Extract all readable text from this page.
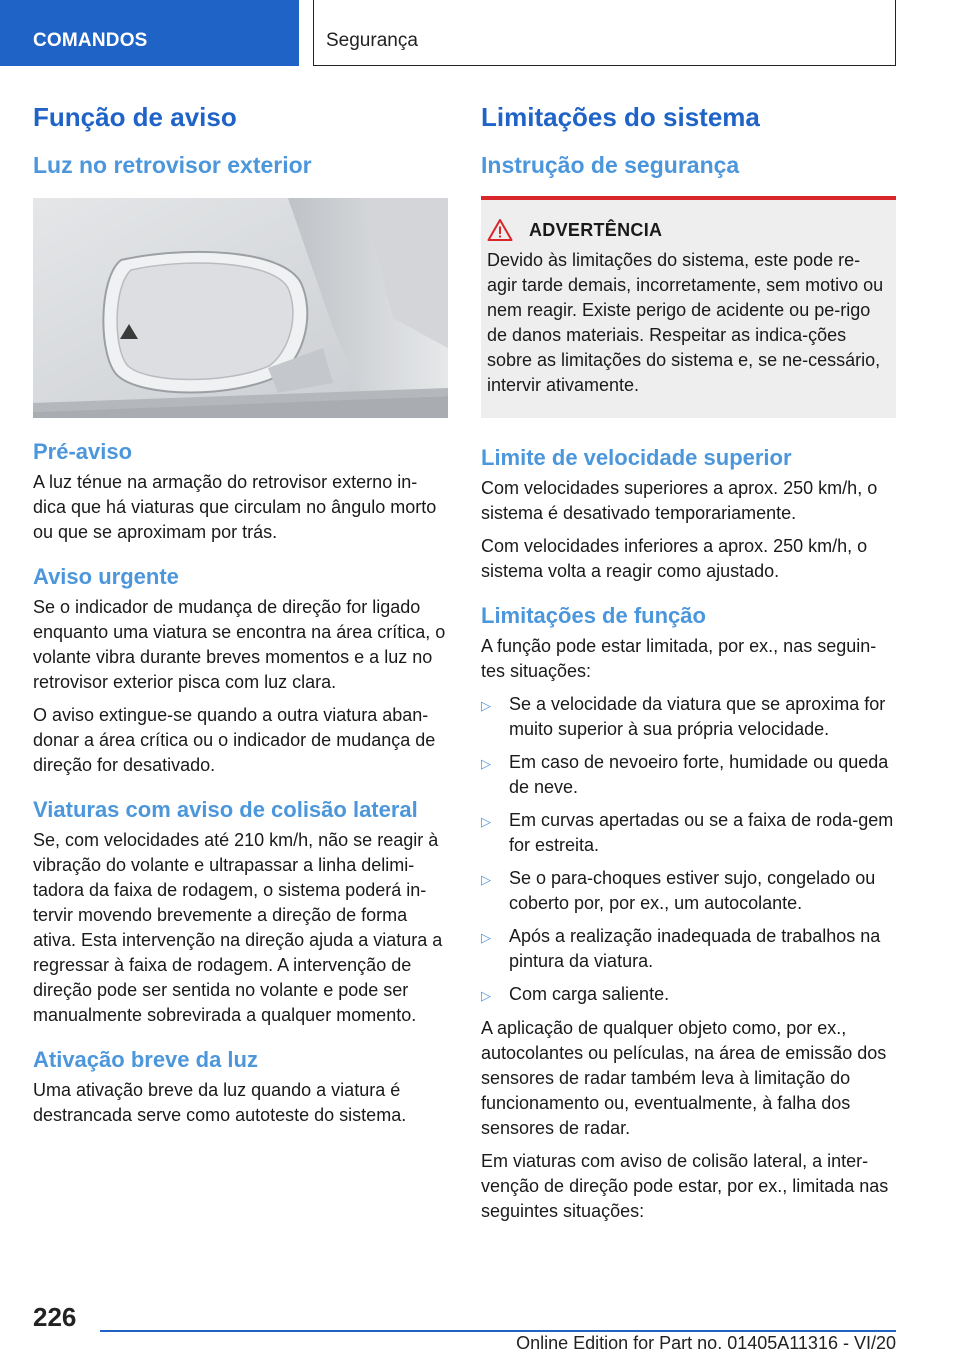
COMANDOS	Segurança
Função de aviso
Luz no retrovisor exterior
Pré-aviso

A luz ténue na armação do retrovisor externo in-dica que há viaturas que circulam no ângulo morto ou que se aproximam por trás.

Aviso urgente

Se o indicador de mudança de direção for ligado enquanto uma viatura se encontra na área crítica, o volante vibra durante breves momentos e a luz no retrovisor exterior pisca com luz clara.

O aviso extingue-se quando a outra viatura aban-donar a área crítica ou o indicador de mudança de direção for desativado.

Viaturas com aviso de colisão lateral

Se, com velocidades até 210 km/h, não se reagir à vibração do volante e ultrapassar a linha delimi-tadora da faixa de rodagem, o sistema poderá in-tervir movendo brevemente a direção de forma ativa. Esta intervenção na direção ajuda a viatura a regressar à faixa de rodagem. A intervenção de direção pode ser sentida no volante e pode ser manualmente sobrevirada a qualquer momento.

Ativação breve da luz

Uma ativação breve da luz quando a viatura é destrancada serve como autoteste do sistema.

Limitações do sistema
Instrução de segurança
ADVERTÊNCIA

Devido às limitações do sistema, este pode re-agir tarde demais, incorretamente, sem motivo ou nem reagir. Existe perigo de acidente ou pe-rigo de danos materiais. Respeitar as indica-ções sobre as limitações do sistema e, se ne-cessário, intervir ativamente.

Limite de velocidade superior

Com velocidades superiores a aprox. 250 km/h, o sistema é desativado temporariamente.

Com velocidades inferiores a aprox. 250 km/h, o sistema volta a reagir como ajustado.

Limitações de função

A função pode estar limitada, por ex., nas seguin-tes situações:

▷	Se a velocidade da viatura que se aproxima for muito superior à sua própria velocidade.
▷	Em caso de nevoeiro forte, humidade ou queda de neve.
▷	Em curvas apertadas ou se a faixa de roda-gem for estreita.
▷	Se o para-choques estiver sujo, congelado ou coberto por, por ex., um autocolante.
▷	Após a realização inadequada de trabalhos na pintura da viatura.
▷	Com carga saliente.

A aplicação de qualquer objeto como, por ex., autocolantes ou películas, na área de emissão dos sensores de radar também leva à limitação do funcionamento ou, eventualmente, à falha dos sensores de radar.

Em viaturas com aviso de colisão lateral, a inter-venção de direção pode estar, por ex., limitada nas seguintes situações:

226
Online Edition for Part no. 01405A11316 - VI/20
